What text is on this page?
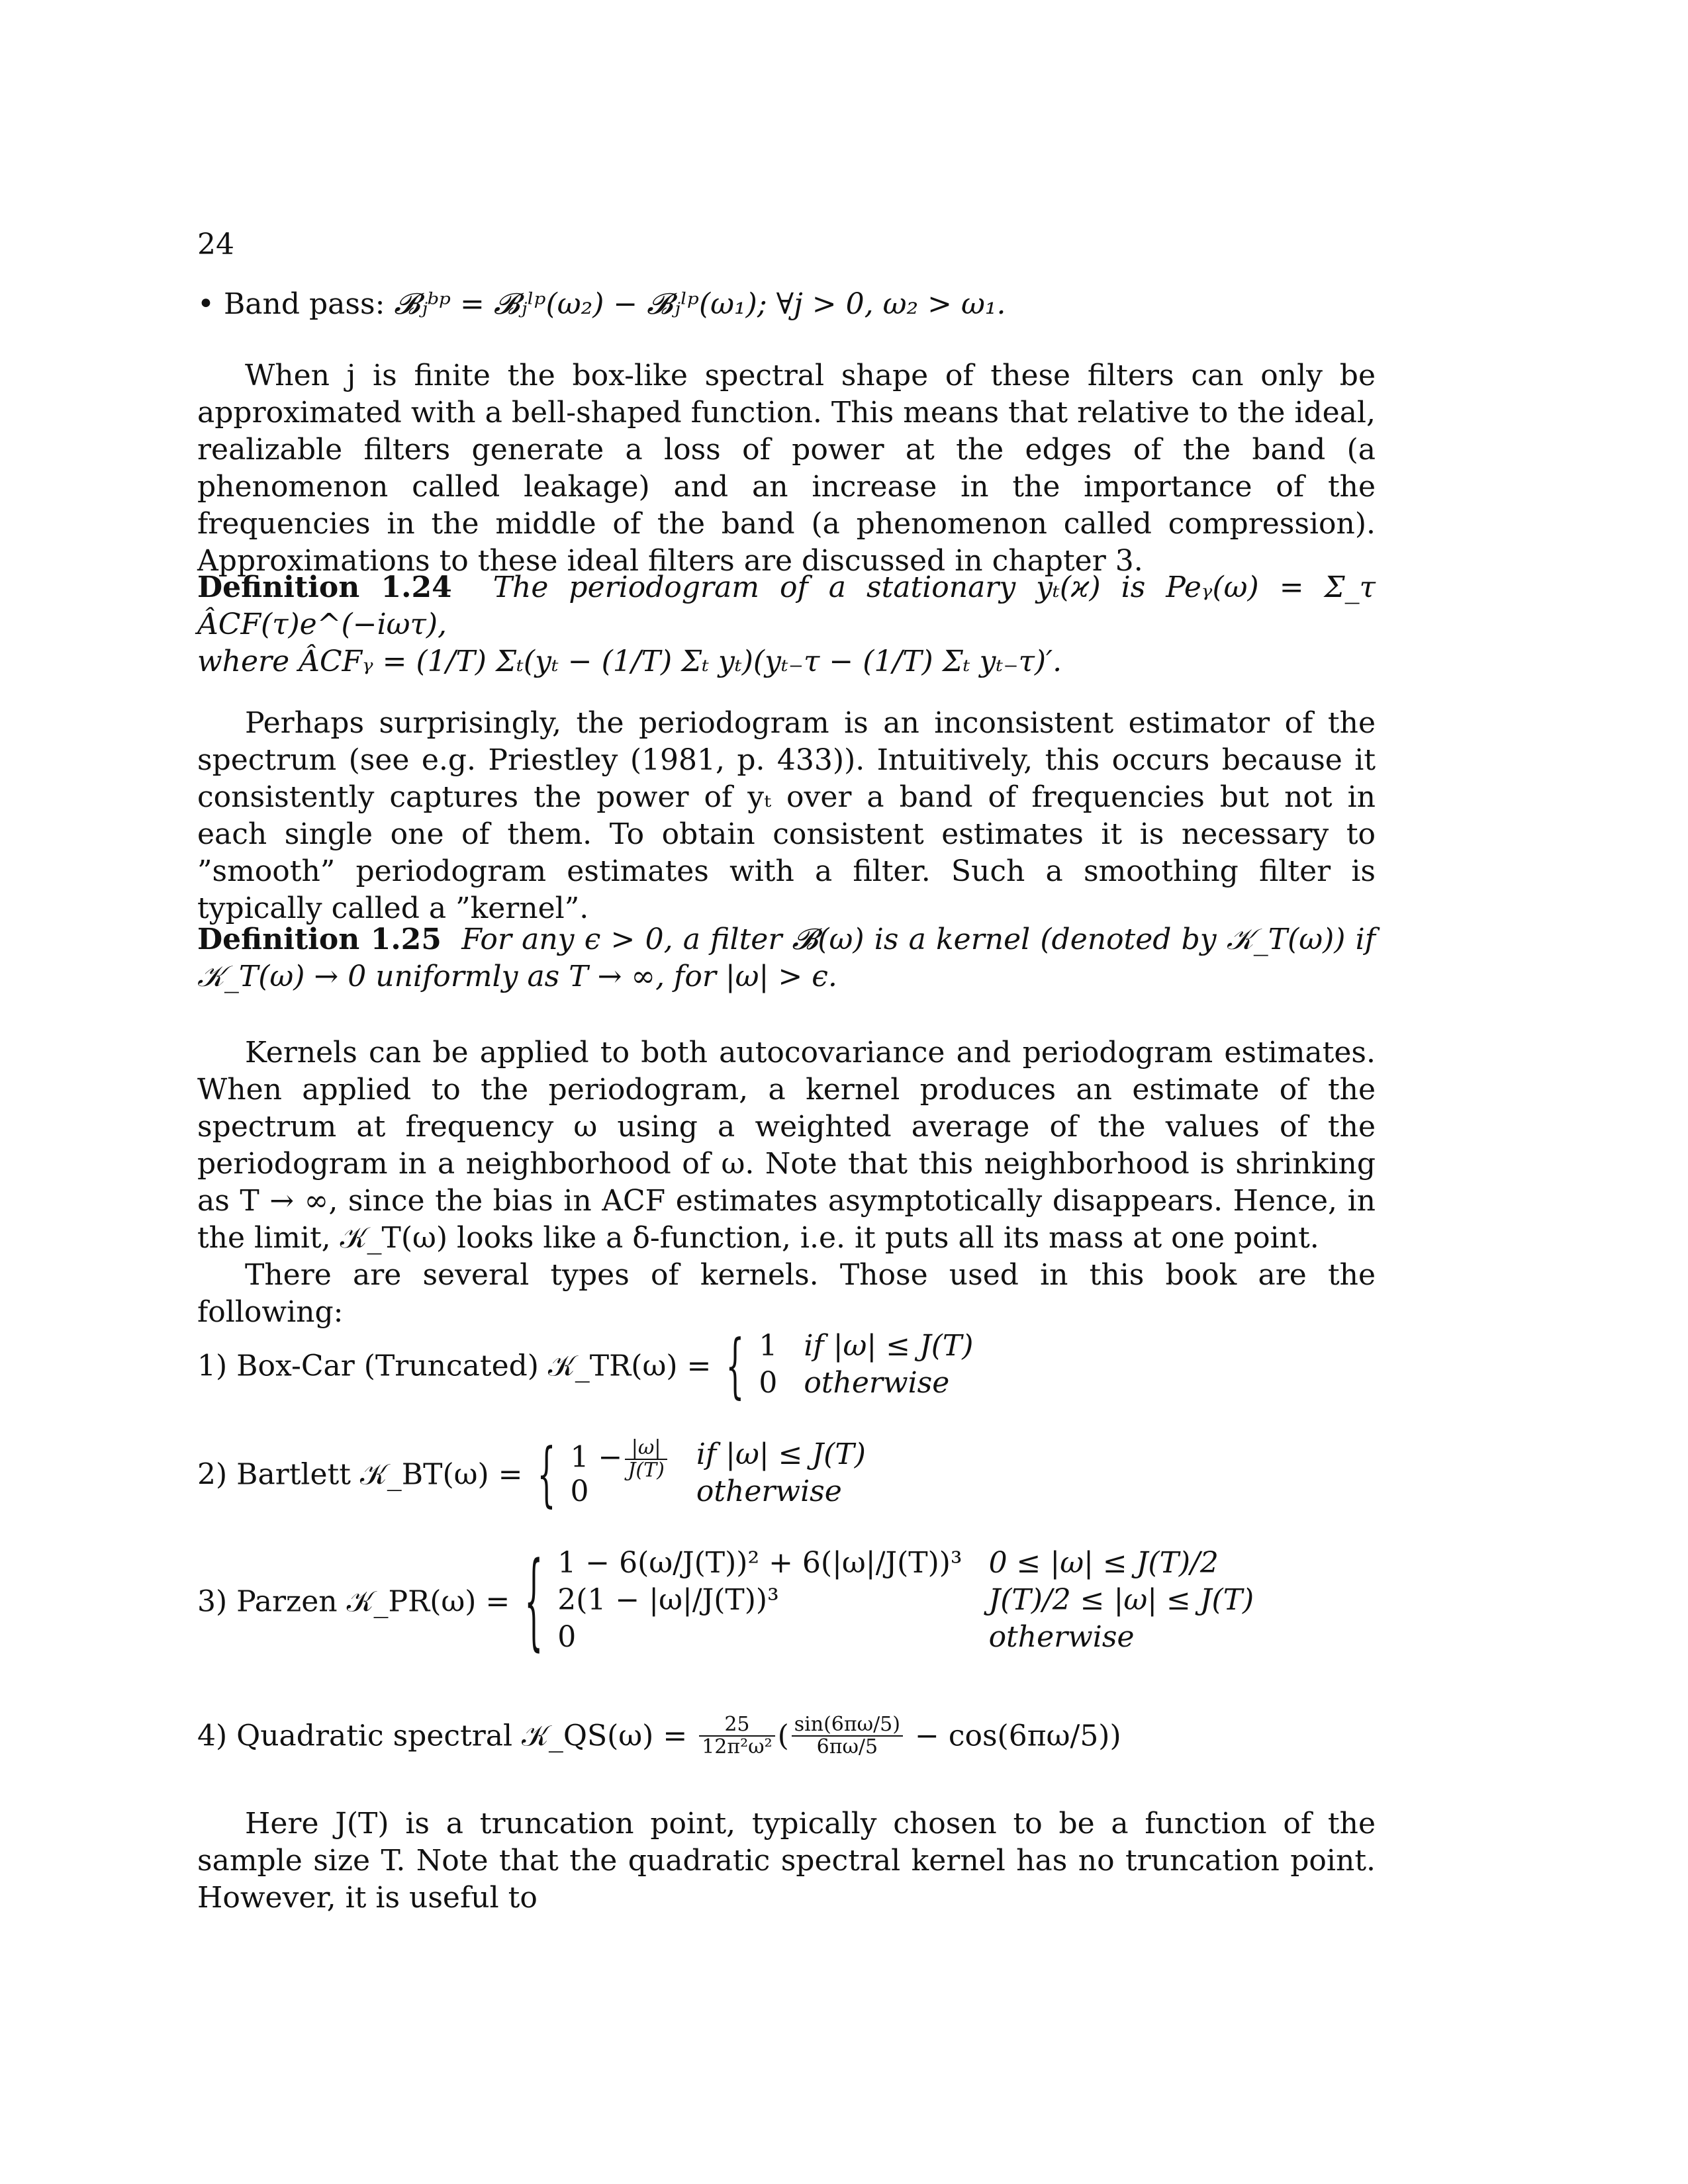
24
• Band pass: 𝓑ⱼᵇᵖ = 𝓑ⱼˡᵖ(ω₂) − 𝓑ⱼˡᵖ(ω₁); ∀j > 0, ω₂ > ω₁.

When j is finite the box-like spectral shape of these filters can only be approximated with a bell-shaped function. This means that relative to the ideal, realizable filters generate a loss of power at the edges of the band (a phenomenon called leakage) and an increase in the importance of the frequencies in the middle of the band (a phenomenon called compression). Approximations to these ideal filters are discussed in chapter 3.

Definition 1.24 The periodogram of a stationary yₜ(ϰ) is Peᵧ(ω) = Σ_τ ÂCF(τ)e^(−iωτ),

where ÂCFᵧ = (1/T) Σₜ(yₜ − (1/T) Σₜ yₜ)(yₜ₋τ − (1/T) Σₜ yₜ₋τ)′.

Perhaps surprisingly, the periodogram is an inconsistent estimator of the spectrum (see e.g. Priestley (1981, p. 433)). Intuitively, this occurs because it consistently captures the power of yₜ over a band of frequencies but not in each single one of them. To obtain consistent estimates it is necessary to ”smooth” periodogram estimates with a filter. Such a smoothing filter is typically called a ”kernel”.

Definition 1.25 For any ϵ > 0, a filter 𝓑(ω) is a kernel (denoted by 𝒦_T(ω)) if 𝒦_T(ω) → 0 uniformly as T → ∞, for |ω| > ϵ.

Kernels can be applied to both autocovariance and periodogram estimates. When applied to the periodogram, a kernel produces an estimate of the spectrum at frequency ω using a weighted average of the values of the periodogram in a neighborhood of ω. Note that this neighborhood is shrinking as T → ∞, since the bias in ACF estimates asymptotically disappears. Hence, in the limit, 𝒦_T(ω) looks like a δ-function, i.e. it puts all its mass at one point.

There are several types of kernels. Those used in this book are the following:

1) Box-Car (Truncated) 𝒦_TR(ω) = { 1 if |ω| ≤ J(T)
0 otherwise
2) Bartlett 𝒦_BT(ω) = { $1 - \frac{|\omega|}{J(T)}$ if |ω| ≤ J(T)
0	otherwise
3) Parzen 𝒦_PR(ω) = { 1 − 6(ω/J(T))² + 6(|ω|/J(T))³ 0 ≤ |ω| ≤ J(T)/2
2(1 − |ω|/J(T))³	J(T)/2 ≤ |ω| ≤ J(T)
0	otherwise
4) Quadratic spectral 𝒦_QS(ω) = $\frac{25}{\text{12π²ω²}}$ ( $\frac{\sin(6\pi\omega/5)}{6\pi\omega/5} - \cos(6\pi\omega/5)$)

Here J(T) is a truncation point, typically chosen to be a function of the sample size T. Note that the quadratic spectral kernel has no truncation point. However, it is useful to
